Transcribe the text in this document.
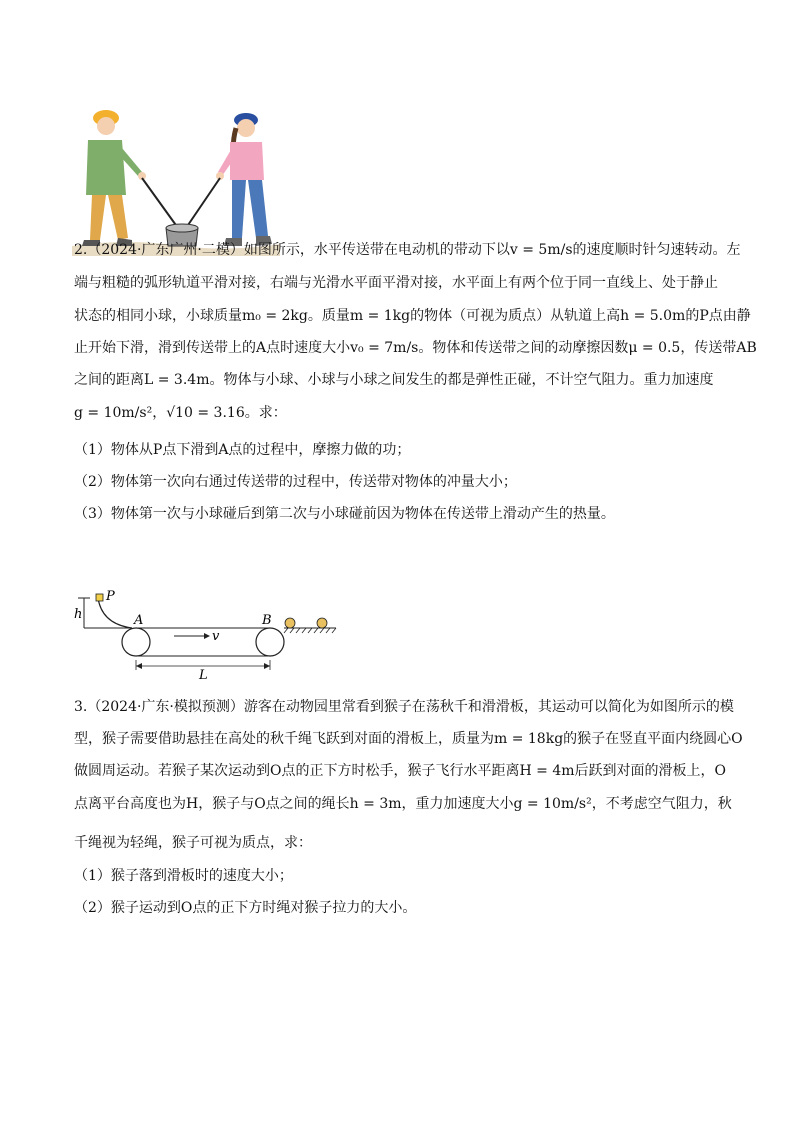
2.（2024·广东广州·二模）如图所示，水平传送带在电动机的带动下以v = 5m/s的速度顺时针匀速转动。左
端与粗糙的弧形轨道平滑对接，右端与光滑水平面平滑对接，水平面上有两个位于同一直线上、处于静止
状态的相同小球，小球质量m₀ = 2kg。质量m = 1kg的物体（可视为质点）从轨道上高h = 5.0m的P点由静
止开始下滑，滑到传送带上的A点时速度大小v₀ = 7m/s。物体和传送带之间的动摩擦因数μ = 0.5，传送带AB
之间的距离L = 3.4m。物体与小球、小球与小球之间发生的都是弹性正碰，不计空气阻力。重力加速度
g = 10m/s²，√10 = 3.16。求：
（1）物体从P点下滑到A点的过程中，摩擦力做的功；
（2）物体第一次向右通过传送带的过程中，传送带对物体的冲量大小；
（3）物体第一次与小球碰后到第二次与小球碰前因为物体在传送带上滑动产生的热量。
h
P
A	B
v
L
3.（2024·广东·模拟预测）游客在动物园里常看到猴子在荡秋千和滑滑板，其运动可以简化为如图所示的模
型，猴子需要借助悬挂在高处的秋千绳飞跃到对面的滑板上，质量为m = 18kg的猴子在竖直平面内绕圆心O
做圆周运动。若猴子某次运动到O点的正下方时松手，猴子飞行水平距离H = 4m后跃到对面的滑板上，O
点离平台高度也为H，猴子与O点之间的绳长h = 3m，重力加速度大小g = 10m/s²，不考虑空气阻力，秋
千绳视为轻绳，猴子可视为质点，求：
（1）猴子落到滑板时的速度大小；
（2）猴子运动到O点的正下方时绳对猴子拉力的大小。
